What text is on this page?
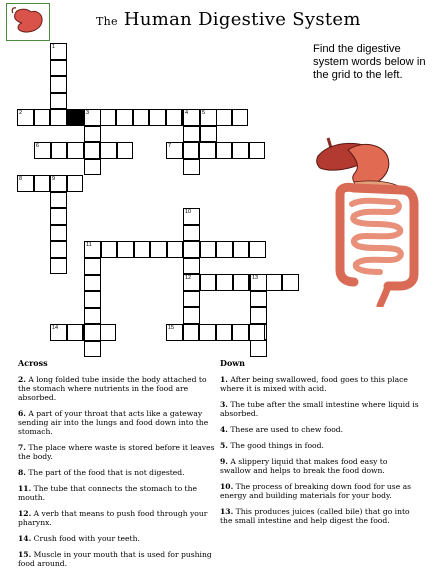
The Human Digestive System
Find the digestive system words below in the grid to the left.
1
2	3	4	5
6	7
8	9
10
11
12	13
14	15
Across
2. A long folded tube inside the body attached to the stomach where nutrients in the food are absorbed.
6. A part of your throat that acts like a gateway sending air into the lungs and food down into the stomach.
7. The place where waste is stored before it leaves the body.
8. The part of the food that is not digested.
11. The tube that connects the stomach to the mouth.
12. A verb that means to push food through your pharynx.
14. Crush food with your teeth.
15. Muscle in your mouth that is used for pushing food around.
Down
1. After being swallowed, food goes to this place where it is mixed with acid.
3. The tube after the small intestine where liquid is absorbed.
4. These are used to chew food.
5. The good things in food.
9. A slippery liquid that makes food easy to swallow and helps to break the food down.
10. The process of breaking down food for use as energy and building materials for your body.
13. This produces juices (called bile) that go into the small intestine and help digest the food.
